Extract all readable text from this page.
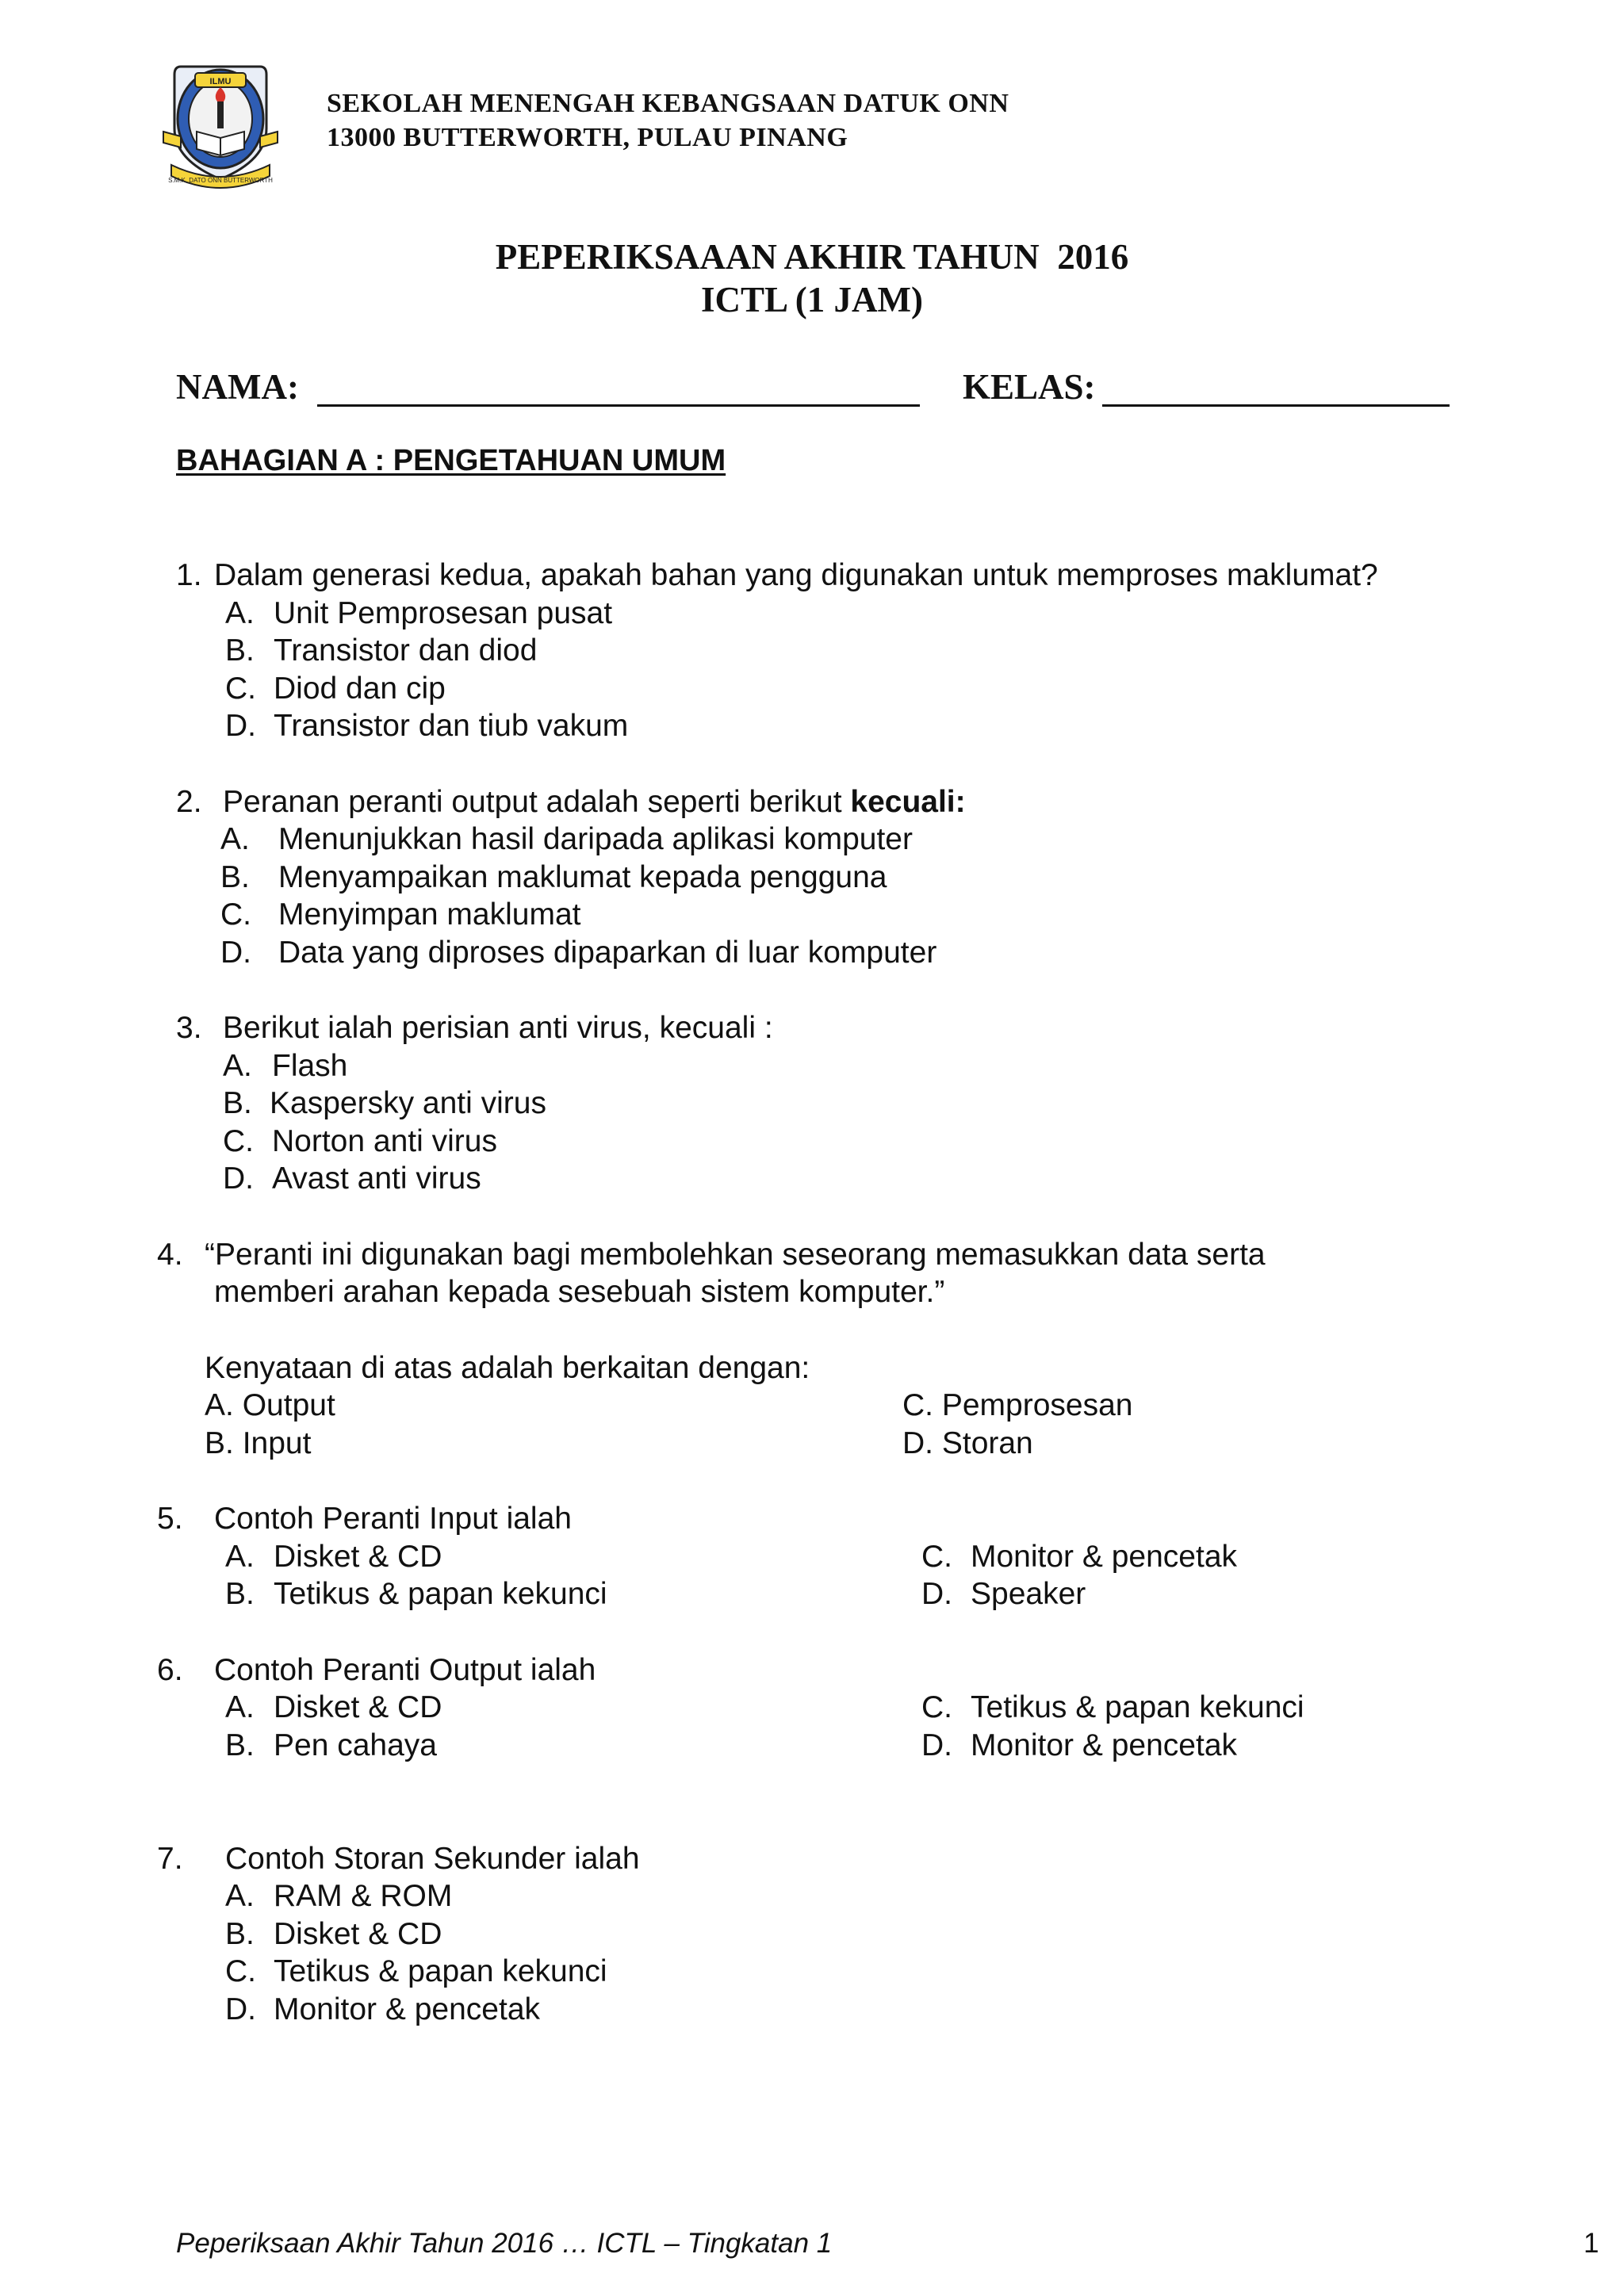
ILMU
S.M.K. DATO ONN BUTTERWORTH
SEKOLAH MENENGAH KEBANGSAAN DATUK ONN
13000 BUTTERWORTH, PULAU PINANG
PEPERIKSAAAN AKHIR TAHUN  2016
ICTL (1 JAM)
NAMA:	KELAS:
BAHAGIAN A : PENGETAHUAN UMUM
1. Dalam generasi kedua, apakah bahan yang digunakan untuk memproses maklumat?
A. Unit Pemprosesan pusat
B. Transistor dan diod
C. Diod dan cip
D. Transistor dan tiub vakum
2. Peranan peranti output adalah seperti berikut kecuali:
A. Menunjukkan hasil daripada aplikasi komputer
B. Menyampaikan maklumat kepada pengguna
C. Menyimpan maklumat
D. Data yang diproses dipaparkan di luar komputer
3. Berikut ialah perisian anti virus, kecuali :
A. Flash
B. Kaspersky anti virus
C. Norton anti virus
D. Avast anti virus
4. “Peranti ini digunakan bagi membolehkan seseorang memasukkan data serta
memberi arahan kepada sesebuah sistem komputer.”
Kenyataan di atas adalah berkaitan dengan:
A. Output
B. Input
C. Pemprosesan
D. Storan
5. Contoh Peranti Input ialah
A. Disket & CD
B. Tetikus & papan kekunci
C. Monitor & pencetak
D. Speaker
6. Contoh Peranti Output ialah
A. Disket & CD
B. Pen cahaya
C. Tetikus & papan kekunci
D. Monitor & pencetak
7. Contoh Storan Sekunder ialah
A. RAM & ROM
B. Disket & CD
C. Tetikus & papan kekunci
D. Monitor & pencetak
Peperiksaan Akhir Tahun 2016 … ICTL – Tingkatan 1	1
